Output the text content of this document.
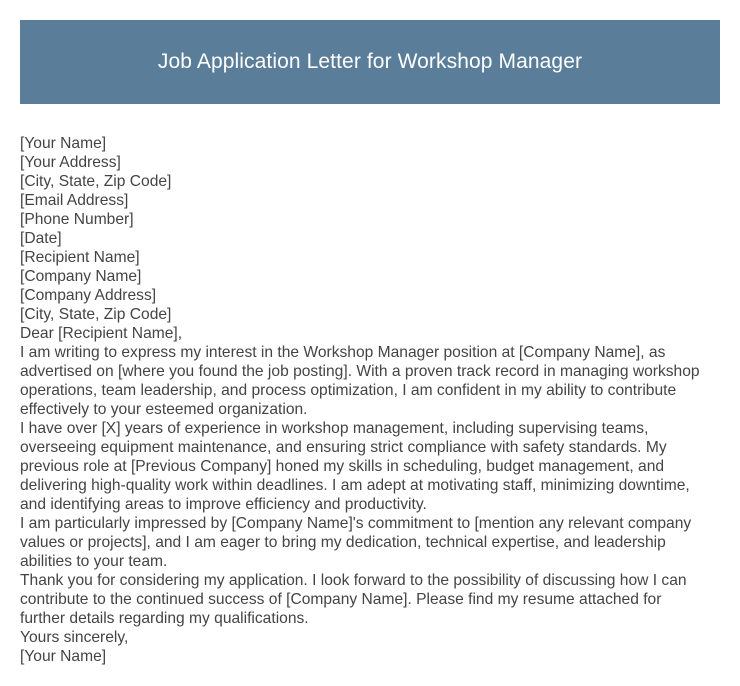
Job Application Letter for Workshop Manager
[Your Name]
[Your Address]
[City, State, Zip Code]
[Email Address]
[Phone Number]
[Date]
[Recipient Name]
[Company Name]
[Company Address]
[City, State, Zip Code]
Dear [Recipient Name],

I am writing to express my interest in the Workshop Manager position at [Company Name], as
advertised on [where you found the job posting]. With a proven track record in managing workshop
operations, team leadership, and process optimization, I am confident in my ability to contribute
effectively to your esteemed organization.

I have over [X] years of experience in workshop management, including supervising teams,
overseeing equipment maintenance, and ensuring strict compliance with safety standards. My
previous role at [Previous Company] honed my skills in scheduling, budget management, and
delivering high-quality work within deadlines. I am adept at motivating staff, minimizing downtime,
and identifying areas to improve efficiency and productivity.

I am particularly impressed by [Company Name]'s commitment to [mention any relevant company
values or projects], and I am eager to bring my dedication, technical expertise, and leadership
abilities to your team.

Thank you for considering my application. I look forward to the possibility of discussing how I can
contribute to the continued success of [Company Name]. Please find my resume attached for
further details regarding my qualifications.

Yours sincerely,
[Your Name]
